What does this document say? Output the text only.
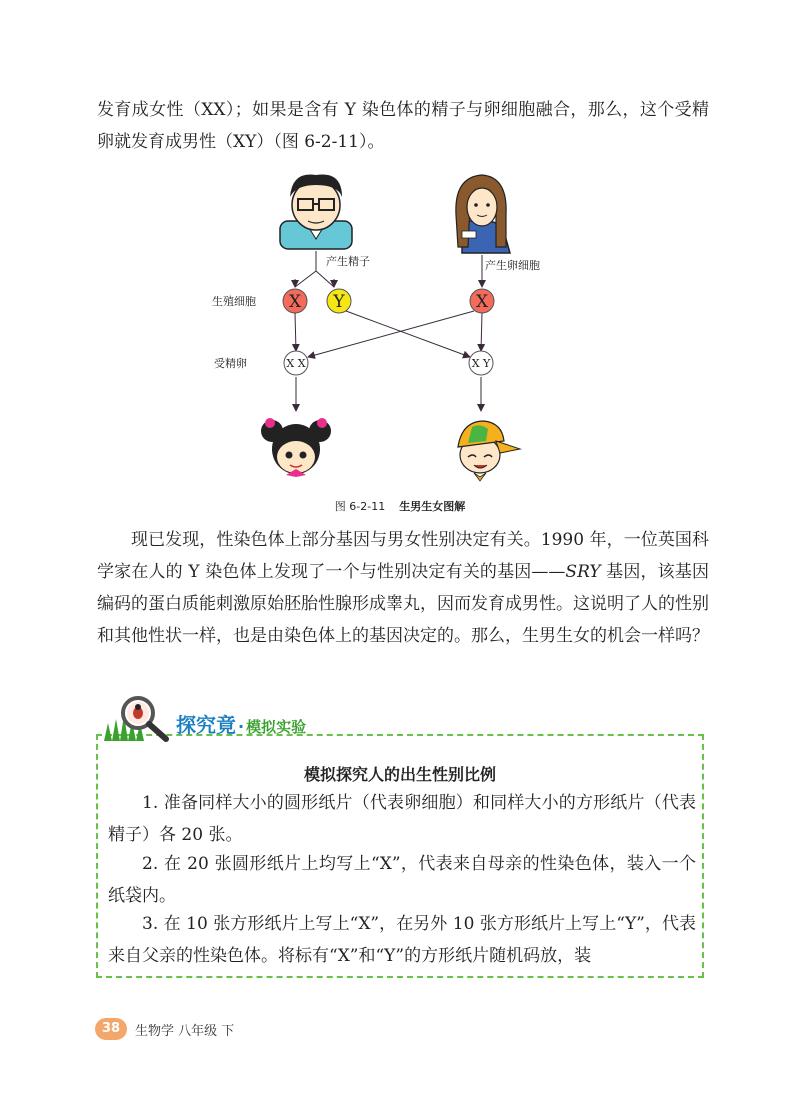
发育成女性（XX）；如果是含有 Y 染色体的精子与卵细胞融合，那么，这个受精卵就发育成男性（XY）（图 6-2-11）。

产生精子	产生卵细胞
生殖细胞
受精卵
X Y	X
X X	X Y
图 6-2-11 生男生女图解

现已发现，性染色体上部分基因与男女性别决定有关。1990 年，一位英国科学家在人的 Y 染色体上发现了一个与性别决定有关的基因——SRY 基因，该基因编码的蛋白质能刺激原始胚胎性腺形成睾丸，因而发育成男性。这说明了人的性别和其他性状一样，也是由染色体上的基因决定的。那么，生男生女的机会一样吗？

探究竟 · 模拟实验
模拟探究人的出生性别比例

1. 准备同样大小的圆形纸片（代表卵细胞）和同样大小的方形纸片（代表精子）各 20 张。

2. 在 20 张圆形纸片上均写上“X”，代表来自母亲的性染色体，装入一个纸袋内。

3. 在 10 张方形纸片上写上“X”，在另外 10 张方形纸片上写上“Y”，代表来自父亲的性染色体。将标有“X”和“Y”的方形纸片随机码放，装

38 生物学 八年级 下
